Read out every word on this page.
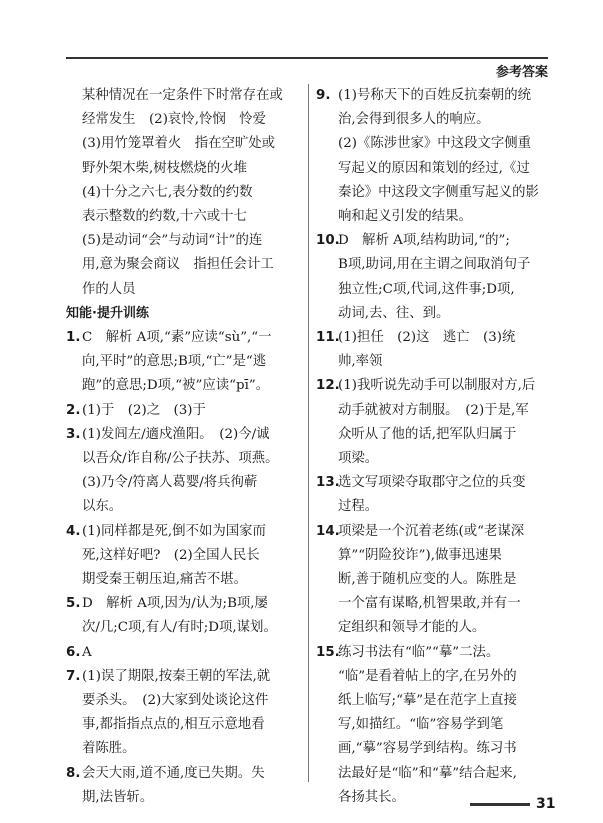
参考答案

某种情况在一定条件下时常存在或

经常发生　(2)哀怜,怜悯　怜爱

(3)用竹笼罩着火　指在空旷处或

野外架木柴,树枝燃烧的火堆

(4)十分之六七,表分数的约数

表示整数的约数,十六或十七

(5)是动词“会”与动词“计”的连

用,意为聚会商议　指担任会计工

作的人员

知能·提升训练

1. C　解析 A项,“素”应读“sù”,“一

向,平时”的意思;B项,“亡”是“逃

跑”的意思;D项,“被”应读“pī”。

2. (1)于　(2)之　(3)于

3. (1)发闾左/適戍渔阳。　(2)今/诚

以吾众/诈自称/公子扶苏、项燕。

(3)乃令/符离人葛婴/将兵徇蕲

以东。

4. (1)同样都是死,倒不如为国家而

死,这样好吧?　(2)全国人民长

期受秦王朝压迫,痛苦不堪。

5. D　解析 A项,因为/认为;B项,屡

次/几;C项,有人/有时;D项,谋划。

6. A

7. (1)误了期限,按秦王朝的军法,就

要杀头。　(2)大家到处谈论这件

事,都指指点点的,相互示意地看

着陈胜。

8. 会天大雨,道不通,度已失期。失

期,法皆斩。

9. (1)号称天下的百姓反抗秦朝的统

治,会得到很多人的响应。

(2)《陈涉世家》中这段文字侧重

写起义的原因和策划的经过,《过

秦论》中这段文字侧重写起义的影

响和起义引发的结果。

10.

D　解析 A项,结构助词,“的”;

B项,助词,用在主谓之间取消句子

独立性;C项,代词,这件事;D项,

动词,去、往、到。

11.

(1)担任　(2)这　逃亡　(3)统

帅,率领

12.

(1)我听说先动手可以制服对方,后

动手就被对方制服。　(2)于是,军

众听从了他的话,把军队归属于

项梁。

13.

选文写项梁夺取郡守之位的兵变

过程。

14.

项梁是一个沉着老练(或“老谋深

算”“阴险狡诈”),做事迅速果

断,善于随机应变的人。陈胜是

一个富有谋略,机智果敢,并有一

定组织和领导才能的人。

15.

练习书法有“临”“摹”二法。

“临”是看着帖上的字,在另外的

纸上临写;“摹”是在范字上直接

写,如描红。“临”容易学到笔

画,“摹”容易学到结构。练习书

法最好是“临”和“摹”结合起来,

各扬其长。	31
